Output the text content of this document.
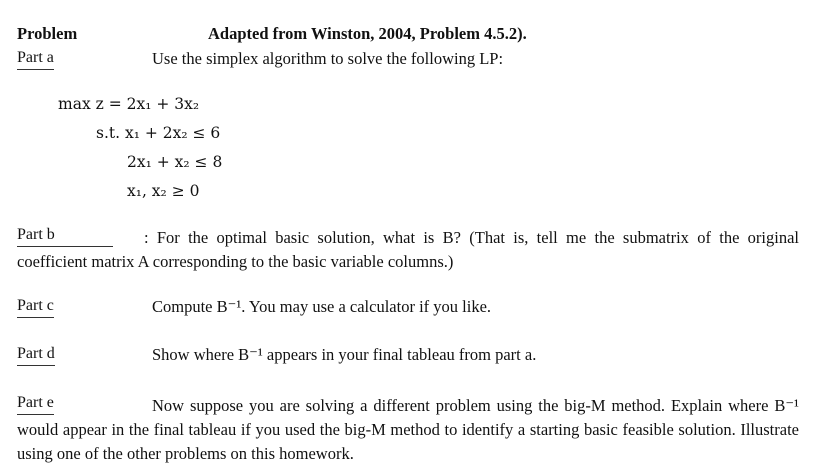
Problem	Adapted from Winston, 2004, Problem 4.5.2).
Part a	Use the simplex algorithm to solve the following LP:
max z = 2x₁ + 3x₂
s.t. x₁ + 2x₂ ≤ 6
2x₁ + x₂ ≤ 8
x₁, x₂ ≥ 0
Part b	: For the optimal basic solution, what is B? (That is, tell me the submatrix of the original coefficient matrix A corresponding to the basic variable columns.)
Part c	Compute B⁻¹. You may use a calculator if you like.
Part d	Show where B⁻¹ appears in your final tableau from part a.
Part e	Now suppose you are solving a different problem using the big-M method. Explain where B⁻¹ would appear in the final tableau if you used the big-M method to identify a starting basic feasible solution. Illustrate using one of the other problems on this homework.
